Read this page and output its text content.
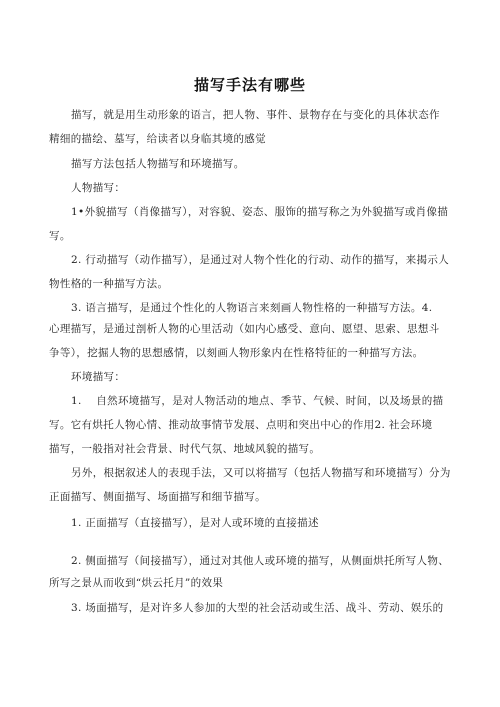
描写手法有哪些
描写，就是用生动形象的语言，把人物、事件、景物存在与变化的具体状态作
精细的描绘、墓写，给读者以身临其境的感觉
描写方法包括人物描写和环境描写。
人物描写：
1•外貌描写（肖像描写），对容貌、姿态、服饰的描写称之为外貌描写或肖像描
写。
2. 行动描写（动作描写），是通过对人物个性化的行动、动作的描写，来揭示人
物性格的一种描写方法。
3. 语言描写，是通过个性化的人物语言来刻画人物性格的一种描写方法。4.
心理描写，是通过剖析人物的心里活动（如内心感受、意向、愿望、思索、思想斗
争等），挖掘人物的思想感情，以刻画人物形象内在性格特征的一种描写方法。
环境描写：
1.　 自然环境描写，是对人物活动的地点、季节、气候、时间，以及场景的描
写。它有烘托人物心情、推动故事情节发展、点明和突出中心的作用2. 社会环境
描写，一般指对社会背景、时代气氛、地域风貌的描写。
另外，根据叙述人的表现手法，又可以将描写（包括人物描写和环境描写）分为
正面描写、侧面描写、场面描写和细节描写。
1. 正面描写（直接描写），是对人或环境的直接描述
2. 侧面描写（间接描写），通过对其他人或环境的描写，从侧面烘托所写人物、
所写之景从而收到“烘云托月”的效果
3. 场面描写，是对许多人参加的大型的社会活动或生活、战斗、劳动、娱乐的
